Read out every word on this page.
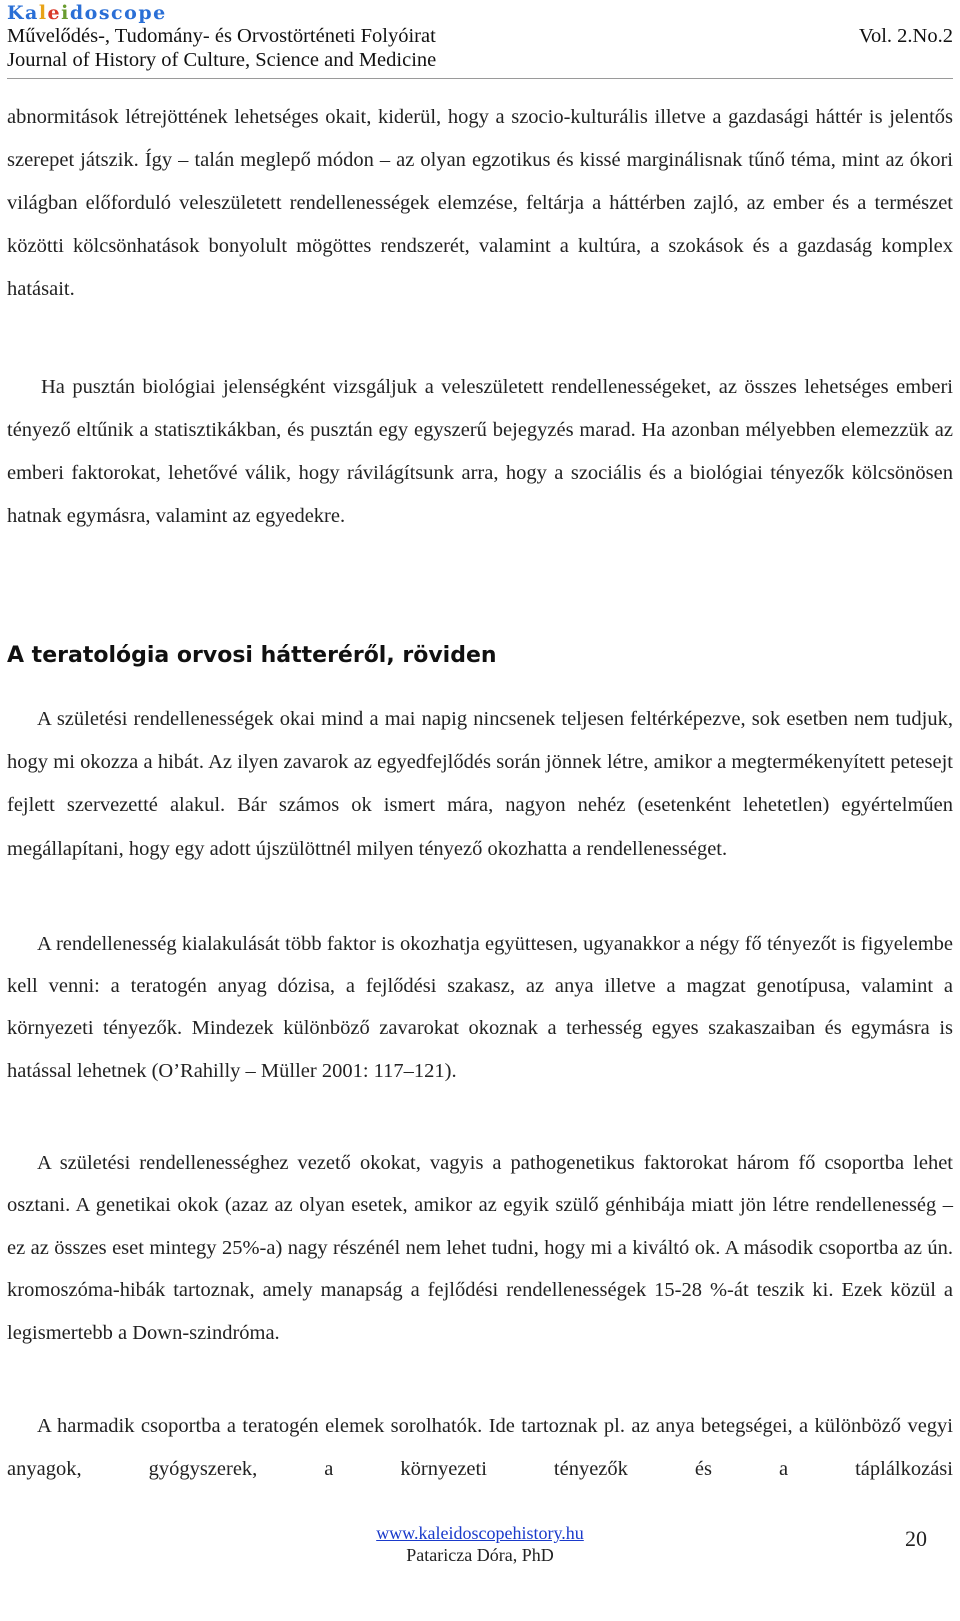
Kaleidoscope
Művelődés-, Tudomány- és Orvostörténeti Folyóirat	Vol. 2.No.2
Journal of History of Culture, Science and Medicine
abnormitások létrejöttének lehetséges okait, kiderül, hogy a szocio-kulturális illetve a gazdasági háttér is jelentős szerepet játszik. Így – talán meglepő módon – az olyan egzotikus és kissé marginálisnak tűnő téma, mint az ókori világban előforduló veleszületett rendellenességek elemzése, feltárja a háttérben zajló, az ember és a természet közötti kölcsönhatások bonyolult mögöttes rendszerét, valamint a kultúra, a szokások és a gazdaság komplex hatásait.
Ha pusztán biológiai jelenségként vizsgáljuk a veleszületett rendellenességeket, az összes lehetséges emberi tényező eltűnik a statisztikákban, és pusztán egy egyszerű bejegyzés marad. Ha azonban mélyebben elemezzük az emberi faktorokat, lehetővé válik, hogy rávilágítsunk arra, hogy a szociális és a biológiai tényezők kölcsönösen hatnak egymásra, valamint az egyedekre.
A teratológia orvosi hátteréről, röviden
A születési rendellenességek okai mind a mai napig nincsenek teljesen feltérképezve, sok esetben nem tudjuk, hogy mi okozza a hibát. Az ilyen zavarok az egyedfejlődés során jönnek létre, amikor a megtermékenyített petesejt fejlett szervezetté alakul. Bár számos ok ismert mára, nagyon nehéz (esetenként lehetetlen) egyértelműen megállapítani, hogy egy adott újszülöttnél milyen tényező okozhatta a rendellenességet.
A rendellenesség kialakulását több faktor is okozhatja együttesen, ugyanakkor a négy fő tényezőt is figyelembe kell venni: a teratogén anyag dózisa, a fejlődési szakasz, az anya illetve a magzat genotípusa, valamint a környezeti tényezők. Mindezek különböző zavarokat okoznak a terhesség egyes szakaszaiban és egymásra is hatással lehetnek (O’Rahilly – Müller 2001: 117–121).
A születési rendellenességhez vezető okokat, vagyis a pathogenetikus faktorokat három fő csoportba lehet osztani. A genetikai okok (azaz az olyan esetek, amikor az egyik szülő génhibája miatt jön létre rendellenesség – ez az összes eset mintegy 25%-a) nagy részénél nem lehet tudni, hogy mi a kiváltó ok. A második csoportba az ún. kromoszóma-hibák tartoznak, amely manapság a fejlődési rendellenességek 15-28 %-át teszik ki. Ezek közül a legismertebb a Down-szindróma.
A harmadik csoportba a teratogén elemek sorolhatók. Ide tartoznak pl. az anya betegségei, a különböző vegyi anyagok, gyógyszerek, a környezeti tényezők és a táplálkozási
www.kaleidoscopehistory.hu
Patariczа Dóra, PhD
20
